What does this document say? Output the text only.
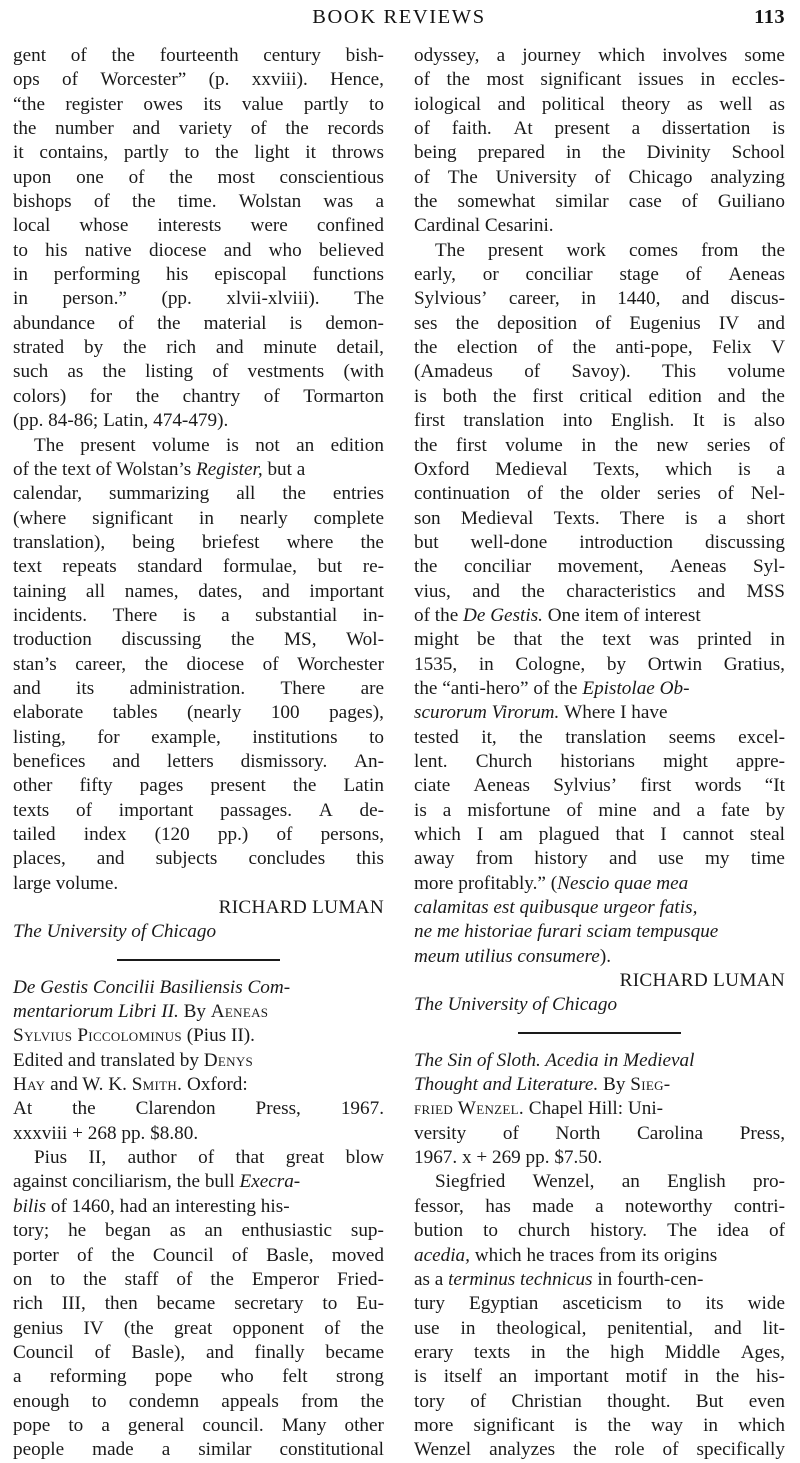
BOOK REVIEWS	113
gent of the fourteenth century bish-
ops of Worcester” (p. xxviii). Hence,
“the register owes its value partly to
the number and variety of the records
it contains, partly to the light it throws
upon one of the most conscientious
bishops of the time. Wolstan was a
local whose interests were confined
to his native diocese and who believed
in performing his episcopal functions
in person.” (pp. xlvii-xlviii). The
abundance of the material is demon-
strated by the rich and minute detail,
such as the listing of vestments (with
colors) for the chantry of Tormarton
(pp. 84-86; Latin, 474-479).
The present volume is not an edition
of the text of Wolstan’s Register, but a
calendar, summarizing all the entries
(where significant in nearly complete
translation), being briefest where the
text repeats standard formulae, but re-
taining all names, dates, and important
incidents. There is a substantial in-
troduction discussing the MS, Wol-
stan’s career, the diocese of Worchester
and its administration. There are
elaborate tables (nearly 100 pages),
listing, for example, institutions to
benefices and letters dismissory. An-
other fifty pages present the Latin
texts of important passages. A de-
tailed index (120 pp.) of persons,
places, and subjects concludes this
large volume.
RICHARD LUMAN
The University of Chicago
De Gestis Concilii Basiliensis Com-
mentariorum Libri II. By Aeneas
Sylvius Piccolominus (Pius II).
Edited and translated by Denys
Hay and W. K. Smith. Oxford:
At the Clarendon Press, 1967.
xxxviii + 268 pp. $8.80.
Pius II, author of that great blow
against conciliarism, the bull Execra-
bilis of 1460, had an interesting his-
tory; he began as an enthusiastic sup-
porter of the Council of Basle, moved
on to the staff of the Emperor Fried-
rich III, then became secretary to Eu-
genius IV (the great opponent of the
Council of Basle), and finally became
a reforming pope who felt strong
enough to condemn appeals from the
pope to a general council. Many other
people made a similar constitutional
odyssey, a journey which involves some
of the most significant issues in eccles-
iological and political theory as well as
of faith. At present a dissertation is
being prepared in the Divinity School
of The University of Chicago analyzing
the somewhat similar case of Guiliano
Cardinal Cesarini.
The present work comes from the
early, or conciliar stage of Aeneas
Sylvious’ career, in 1440, and discus-
ses the deposition of Eugenius IV and
the election of the anti-pope, Felix V
(Amadeus of Savoy). This volume
is both the first critical edition and the
first translation into English. It is also
the first volume in the new series of
Oxford Medieval Texts, which is a
continuation of the older series of Nel-
son Medieval Texts. There is a short
but well-done introduction discussing
the conciliar movement, Aeneas Syl-
vius, and the characteristics and MSS
of the De Gestis. One item of interest
might be that the text was printed in
1535, in Cologne, by Ortwin Gratius,
the “anti-hero” of the Epistolae Ob-
scurorum Virorum. Where I have
tested it, the translation seems excel-
lent. Church historians might appre-
ciate Aeneas Sylvius’ first words “It
is a misfortune of mine and a fate by
which I am plagued that I cannot steal
away from history and use my time
more profitably.” (Nescio quae mea
calamitas est quibusque urgeor fatis,
ne me historiae furari sciam tempusque
meum utilius consumere).
RICHARD LUMAN
The University of Chicago
The Sin of Sloth. Acedia in Medieval
Thought and Literature. By Sieg-
fried Wenzel. Chapel Hill: Uni-
versity of North Carolina Press,
1967. x + 269 pp. $7.50.
Siegfried Wenzel, an English pro-
fessor, has made a noteworthy contri-
bution to church history. The idea of
acedia, which he traces from its origins
as a terminus technicus in fourth-cen-
tury Egyptian asceticism to its wide
use in theological, penitential, and lit-
erary texts in the high Middle Ages,
is itself an important motif in the his-
tory of Christian thought. But even
more significant is the way in which
Wenzel analyzes the role of specifically
